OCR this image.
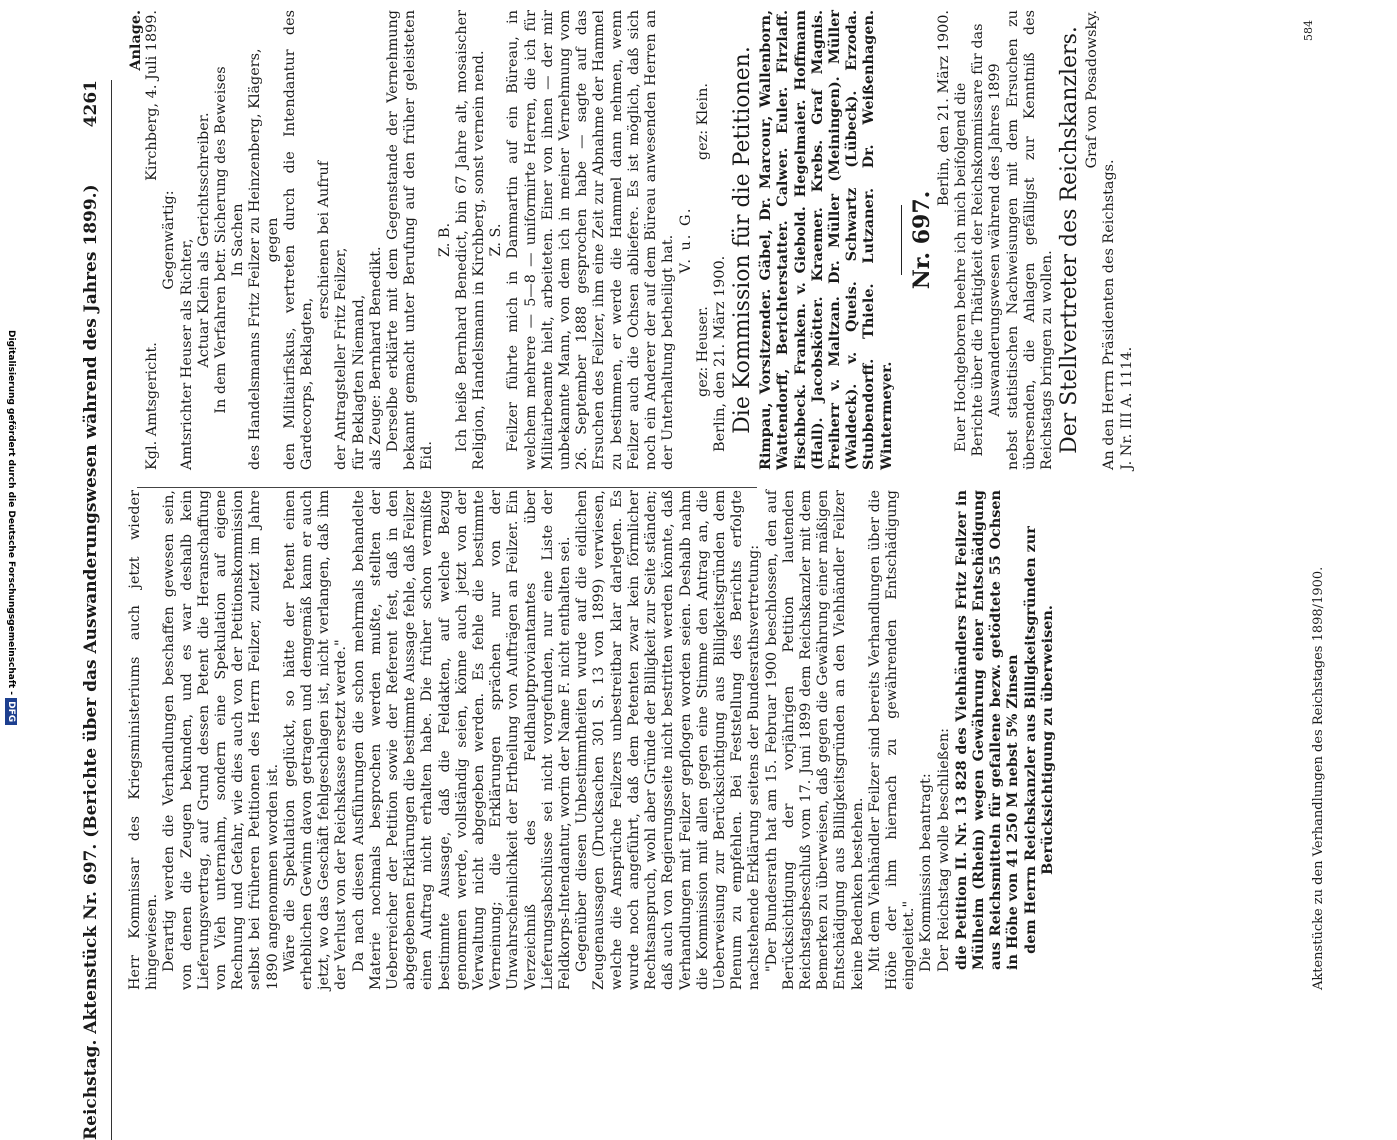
Reichstag. Aktenstück Nr. 697. (Berichte über das Auswanderungswesen während des Jahres 1899.)
4261

Herr Kommissar des Kriegsministeriums auch jetzt wieder hingewiesen. Derartig werden die Verhandlungen beschaffen gewesen sein, von denen die Zeugen bekunden, und es war deshalb kein Lieferungsvertrag, auf Grund dessen Petent die Heranschaffung von Vieh unternahm, sondern eine Spekulation auf eigene Rechnung und Gefahr, wie dies auch von der Petitionskommission selbst bei früheren Petitionen des Herrn Feilzer, zuletzt im Jahre 1890 angenommen worden ist. Wäre die Spekulation geglückt, so hätte der Petent einen erheblichen Gewinn davon getragen und demgemäß kann er auch jetzt, wo das Geschäft fehlgeschlagen ist, nicht verlangen, daß ihm der Verlust von der Reichskasse ersetzt werde." Da nach diesen Ausführungen die schon mehrmals behandelte Materie nochmals besprochen werden mußte, stellten der Ueberreicher der Petition sowie der Referent fest, daß in den abgegebenen Erklärungen die bestimmte Aussage fehle, daß Feilzer einen Auftrag nicht erhalten habe. Die früher schon vermißte bestimmte Aussage, daß die Feldakten, auf welche Bezug genommen werde, vollständig seien, könne auch jetzt von der Verwaltung nicht abgegeben werden. Es fehle die bestimmte Verneinung; die Erklärungen sprächen nur von der Unwahrscheinlichkeit der Ertheilung von Aufträgen an Feilzer. Ein Verzeichniß des Feldhauptproviantamtes über Lieferungsabschlüsse sei nicht vorgefunden, nur eine Liste der Feldkorps-Intendantur, worin der Name F. nicht enthalten sei. Gegenüber diesen Unbestimmtheiten wurde auf die eidlichen Zeugenaussagen (Drucksachen 301 S. 13 von 1899) verwiesen, welche die Ansprüche Feilzers unbestreitbar klar darlegten. Es wurde noch angeführt, daß dem Petenten zwar kein förmlicher Rechtsanspruch, wohl aber Gründe der Billigkeit zur Seite ständen; daß auch von Regierungsseite nicht bestritten werden könnte, daß Verhandlungen mit Feilzer gepflogen worden seien. Deshalb nahm die Kommission mit allen gegen eine Stimme den Antrag an, die Ueberweisung zur Berücksichtigung aus Billigkeitsgründen dem Plenum zu empfehlen. Bei Feststellung des Berichts erfolgte nachstehende Erklärung seitens der Bundesrathsvertretung: "Der Bundesrath hat am 15. Februar 1900 beschlossen, den auf Berücksichtigung der vorjährigen Petition lautenden Reichstagsbeschluß vom 17. Juni 1899 dem Reichskanzler mit dem Bemerken zu überweisen, daß gegen die Gewährung einer mäßigen Entschädigung aus Billigkeitsgründen an den Viehhändler Feilzer keine Bedenken bestehen. Mit dem Viehhändler Feilzer sind bereits Verhandlungen über die Höhe der ihm hiernach zu gewährenden Entschädigung eingeleitet." Die Kommission beantragt: Der Reichstag wolle beschließen: die Petition II. Nr. 13 828 des Viehhändlers Fritz Feilzer in Mülheim (Rhein) wegen Gewährung einer Entschädigung aus Reichsmitteln für gefallene bezw. getödtete 55 Ochsen in Höhe von 41 250 M nebst 5% Zinsen dem Herrn Reichskanzler aus Billigkeitsgründen zur Berücksichtigung zu überweisen.	Aktenstücke zu den Verhandlungen des Reichstages 1898/1900.

Anlage.

Kgl. Amtsgericht.
Kirchberg, 4. Juli 1899.

Gegenwärtig: Amtsrichter Heuser als Richter, Actuar Klein als Gerichtsschreiber. In dem Verfahren betr. Sicherung des Beweises In Sachen des Handelsmanns Fritz Feilzer zu Heinzenberg, Klägers, gegen den Militairfiskus, vertreten durch die Intendantur des Gardecorps, Beklagten,

erschienen bei Aufruf

der Antragsteller Fritz Feilzer, für Beklagten Niemand, als Zeuge: Bernhard Benedikt. Derselbe erklärte mit dem Gegenstande der Vernehmung bekannt gemacht unter Berufung auf den früher geleisteten Eid.

Z. B. Ich heiße Bernhard Benedict, bin 67 Jahre alt, mosaischer Religion, Handelsmann in Kirchberg, sonst vernein nend. Z. S. Feilzer führte mich in Dammartin auf ein Büreau, in welchem mehrere — 5—8 — uniformirte Herren, die ich für Militairbeamte hielt, arbeiteten. Einer von ihnen — der mir unbekannte Mann, von dem ich in meiner Vernehmung vom 26. September 1888 gesprochen habe — sagte auf das Ersuchen des Feilzer, ihm eine Zeit zur Abnahme der Hammel zu bestimmen, er werde die Hammel dann nehmen, wenn Feilzer auch die Ochsen abliefere. Es ist möglich, daß sich noch ein Anderer der auf dem Büreau anwesenden Herren an der Unterhaltung betheiligt hat. V. u. G.

gez: Heuser.
gez: Klein.

Berlin, den 21. März 1900. Die Kommission für die Petitionen. Rimpau, Vorsitzender. Gäbel, Dr. Marcour, Wallenborn, Wattendorff, Berichterstatter. Calwer. Euler. Firzlaff. Fischbeck. Franken. v. Giebold. Hegelmaier. Hoffmann (Hall). Jacobskötter. Kraemer. Krebs. Graf Magnis. Freiherr v. Maltzan. Dr. Müller (Meiningen). Müller (Waldeck). v. Queis. Schwartz (Lübeck). Erzoda. Stubbendorff. Thiele. Lutzaner. Dr. Weißenhagen. Wintermeyer.

Nr. 697.

Berlin, den 21. März 1900. Euer Hochgeboren beehre ich mich beifolgend die Berichte über die Thätigkeit der Reichskommissare für das Auswanderungswesen während des Jahres 1899 nebst statistischen Nachweisungen mit dem Ersuchen zu übersenden, die Anlagen gefälligst zur Kenntniß des Reichstags bringen zu wollen. Der Stellvertreter des Reichskanzlers. Graf von Posadowsky.

An den Herrn Präsidenten des Reichstags. J. Nr. III A. 1114.

584
Digitalisierung gefördert durch die Deutsche Forschungsgemeinschaft - DFG
